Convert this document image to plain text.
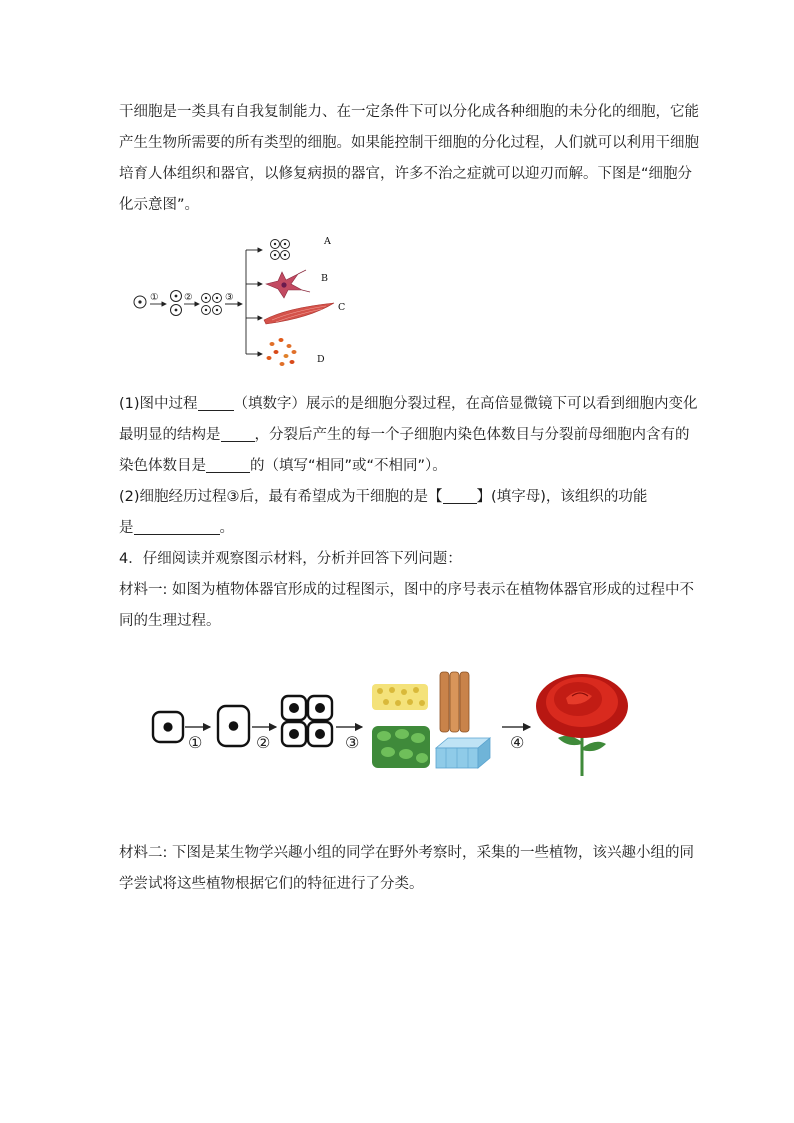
干细胞是一类具有自我复制能力、在一定条件下可以分化成各种细胞的未分化的细胞，它能
产生生物所需要的所有类型的细胞。如果能控制干细胞的分化过程，人们就可以利用干细胞
培育人体组织和器官，以修复病损的器官，许多不治之症就可以迎刃而解。下图是“细胞分
化示意图”。
①	②	③
A
B
C
D
(1)图中过程 （填数字）展示的是细胞分裂过程，在高倍显微镜下可以看到细胞内变化
最明显的结构是 ，分裂后产生的每一个子细胞内染色体数目与分裂前母细胞内含有的
染色体数目是	的（填写“相同”或“不相同”）。
(2)细胞经历过程③后，最有希望成为干细胞的是【 】(填字母)，该组织的功能
是	。
4．仔细阅读并观察图示材料，分析并回答下列问题：
材料一: 如图为植物体器官形成的过程图示，图中的序号表示在植物体器官形成的过程中不
同的生理过程。
①	②	③	④
材料二: 下图是某生物学兴趣小组的同学在野外考察时，采集的一些植物，该兴趣小组的同
学尝试将这些植物根据它们的特征进行了分类。
